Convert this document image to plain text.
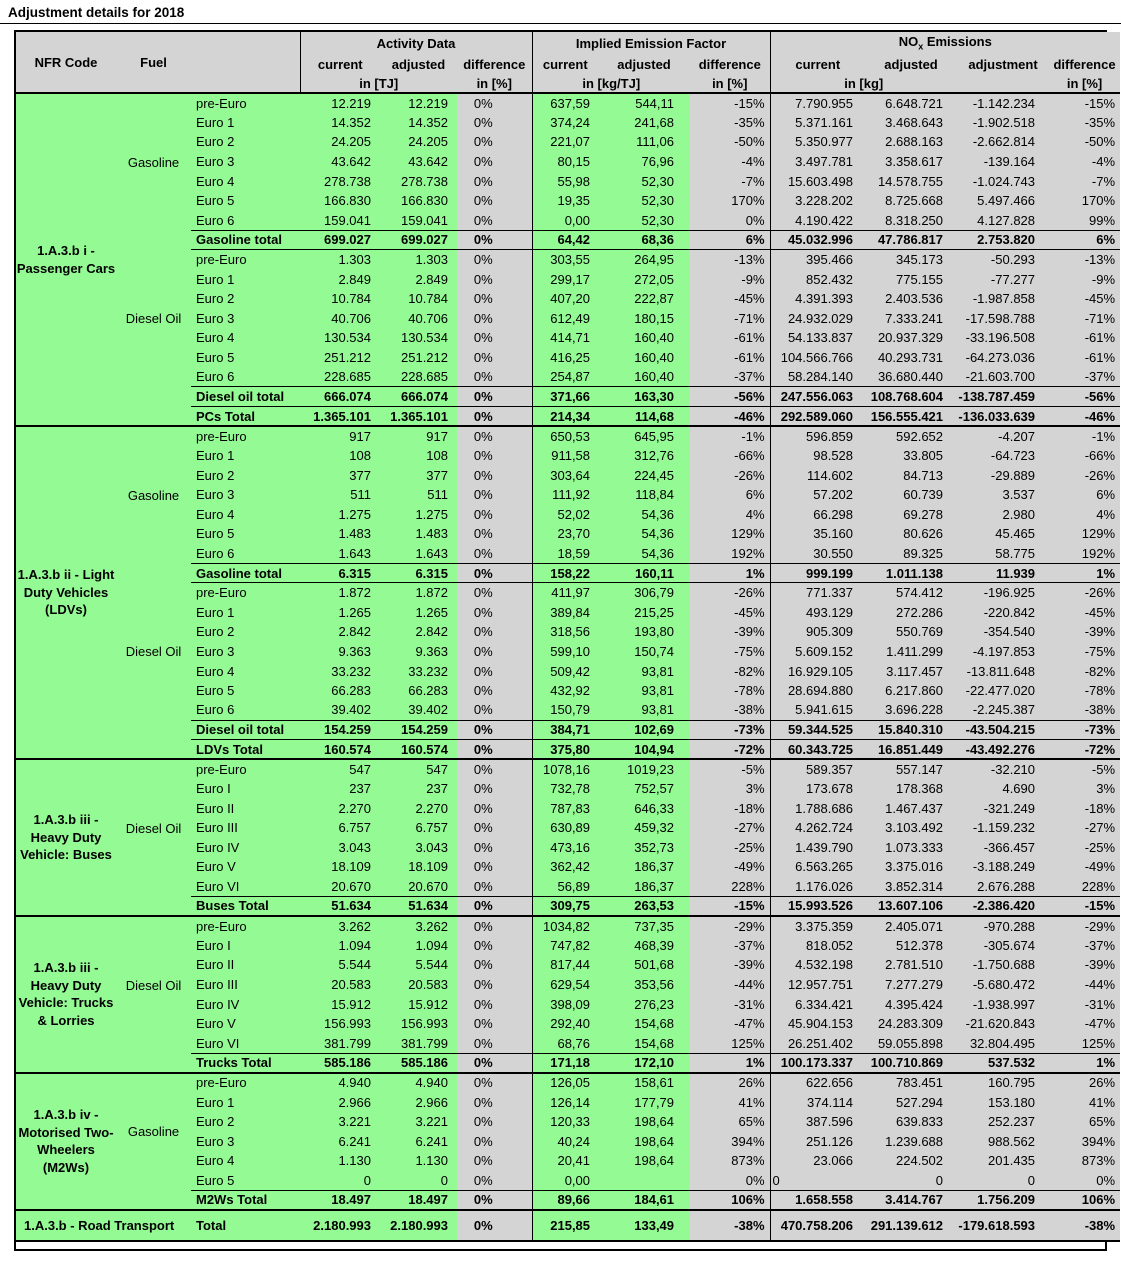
Adjustment details for 2018
NFR Code	Fuel		Activity Data			Implied Emission Factor			$NO_x$ Emissions			
			current	adjusted	difference	current	adjusted	difference	current	adjusted	adjustment	difference
			in [TJ]		in [%]	in [kg/TJ]		in [%]	in [kg]			in [%]
1.A.3.b i - Passenger Cars	Gasoline	pre-Euro	12.219	12.219	0%	637,59	544,11	-15%	7.790.955	6.648.721	-1.142.234	-15%
		Euro 1	14.352	14.352	0%	374,24	241,68	-35%	5.371.161	3.468.643	-1.902.518	-35%
		Euro 2	24.205	24.205	0%	221,07	111,06	-50%	5.350.977	2.688.163	-2.662.814	-50%
		Euro 3	43.642	43.642	0%	80,15	76,96	-4%	3.497.781	3.358.617	-139.164	-4%
		Euro 4	278.738	278.738	0%	55,98	52,30	-7%	15.603.498	14.578.755	-1.024.743	-7%
		Euro 5	166.830	166.830	0%	19,35	52,30	170%	3.228.202	8.725.668	5.497.466	170%
		Euro 6	159.041	159.041	0%	0,00	52,30	0%	4.190.422	8.318.250	4.127.828	99%
		Gasoline total	699.027	699.027	0%	64,42	68,36	6%	45.032.996	47.786.817	2.753.820	6%
	Diesel Oil	pre-Euro	1.303	1.303	0%	303,55	264,95	-13%	395.466	345.173	-50.293	-13%
		Euro 1	2.849	2.849	0%	299,17	272,05	-9%	852.432	775.155	-77.277	-9%
		Euro 2	10.784	10.784	0%	407,20	222,87	-45%	4.391.393	2.403.536	-1.987.858	-45%
		Euro 3	40.706	40.706	0%	612,49	180,15	-71%	24.932.029	7.333.241	-17.598.788	-71%
		Euro 4	130.534	130.534	0%	414,71	160,40	-61%	54.133.837	20.937.329	-33.196.508	-61%
		Euro 5	251.212	251.212	0%	416,25	160,40	-61%	104.566.766	40.293.731	-64.273.036	-61%
		Euro 6	228.685	228.685	0%	254,87	160,40	-37%	58.284.140	36.680.440	-21.603.700	-37%
		Diesel oil total	666.074	666.074	0%	371,66	163,30	-56%	247.556.063	108.768.604	-138.787.459	-56%
		PCs Total	1.365.101	1.365.101	0%	214,34	114,68	-46%	292.589.060	156.555.421	-136.033.639	-46%
1.A.3.b ii - Light Duty Vehicles (LDVs)	Gasoline	pre-Euro	917	917	0%	650,53	645,95	-1%	596.859	592.652	-4.207	-1%
		Euro 1	108	108	0%	911,58	312,76	-66%	98.528	33.805	-64.723	-66%
		Euro 2	377	377	0%	303,64	224,45	-26%	114.602	84.713	-29.889	-26%
		Euro 3	511	511	0%	111,92	118,84	6%	57.202	60.739	3.537	6%
		Euro 4	1.275	1.275	0%	52,02	54,36	4%	66.298	69.278	2.980	4%
		Euro 5	1.483	1.483	0%	23,70	54,36	129%	35.160	80.626	45.465	129%
		Euro 6	1.643	1.643	0%	18,59	54,36	192%	30.550	89.325	58.775	192%
		Gasoline total	6.315	6.315	0%	158,22	160,11	1%	999.199	1.011.138	11.939	1%
	Diesel Oil	pre-Euro	1.872	1.872	0%	411,97	306,79	-26%	771.337	574.412	-196.925	-26%
		Euro 1	1.265	1.265	0%	389,84	215,25	-45%	493.129	272.286	-220.842	-45%
		Euro 2	2.842	2.842	0%	318,56	193,80	-39%	905.309	550.769	-354.540	-39%
		Euro 3	9.363	9.363	0%	599,10	150,74	-75%	5.609.152	1.411.299	-4.197.853	-75%
		Euro 4	33.232	33.232	0%	509,42	93,81	-82%	16.929.105	3.117.457	-13.811.648	-82%
		Euro 5	66.283	66.283	0%	432,92	93,81	-78%	28.694.880	6.217.860	-22.477.020	-78%
		Euro 6	39.402	39.402	0%	150,79	93,81	-38%	5.941.615	3.696.228	-2.245.387	-38%
		Diesel oil total	154.259	154.259	0%	384,71	102,69	-73%	59.344.525	15.840.310	-43.504.215	-73%
		LDVs Total	160.574	160.574	0%	375,80	104,94	-72%	60.343.725	16.851.449	-43.492.276	-72%
1.A.3.b iii - Heavy Duty Vehicle: Buses	Diesel Oil	pre-Euro	547	547	0%	1078,16	1019,23	-5%	589.357	557.147	-32.210	-5%
		Euro I	237	237	0%	732,78	752,57	3%	173.678	178.368	4.690	3%
		Euro II	2.270	2.270	0%	787,83	646,33	-18%	1.788.686	1.467.437	-321.249	-18%
		Euro III	6.757	6.757	0%	630,89	459,32	-27%	4.262.724	3.103.492	-1.159.232	-27%
		Euro IV	3.043	3.043	0%	473,16	352,73	-25%	1.439.790	1.073.333	-366.457	-25%
		Euro V	18.109	18.109	0%	362,42	186,37	-49%	6.563.265	3.375.016	-3.188.249	-49%
		Euro VI	20.670	20.670	0%	56,89	186,37	228%	1.176.026	3.852.314	2.676.288	228%
		Buses Total	51.634	51.634	0%	309,75	263,53	-15%	15.993.526	13.607.106	-2.386.420	-15%
1.A.3.b iii - Heavy Duty Vehicle: Trucks & Lorries	Diesel Oil	pre-Euro	3.262	3.262	0%	1034,82	737,35	-29%	3.375.359	2.405.071	-970.288	-29%
		Euro I	1.094	1.094	0%	747,82	468,39	-37%	818.052	512.378	-305.674	-37%
		Euro II	5.544	5.544	0%	817,44	501,68	-39%	4.532.198	2.781.510	-1.750.688	-39%
		Euro III	20.583	20.583	0%	629,54	353,56	-44%	12.957.751	7.277.279	-5.680.472	-44%
		Euro IV	15.912	15.912	0%	398,09	276,23	-31%	6.334.421	4.395.424	-1.938.997	-31%
		Euro V	156.993	156.993	0%	292,40	154,68	-47%	45.904.153	24.283.309	-21.620.843	-47%
		Euro VI	381.799	381.799	0%	68,76	154,68	125%	26.251.402	59.055.898	32.804.495	125%
		Trucks Total	585.186	585.186	0%	171,18	172,10	1%	100.173.337	100.710.869	537.532	1%
1.A.3.b iv - Motorised Two-Wheelers (M2Ws)	Gasoline	pre-Euro	4.940	4.940	0%	126,05	158,61	26%	622.656	783.451	160.795	26%
		Euro 1	2.966	2.966	0%	126,14	177,79	41%	374.114	527.294	153.180	41%
		Euro 2	3.221	3.221	0%	120,33	198,64	65%	387.596	639.833	252.237	65%
		Euro 3	6.241	6.241	0%	40,24	198,64	394%	251.126	1.239.688	988.562	394%
		Euro 4	1.130	1.130	0%	20,41	198,64	873%	23.066	224.502	201.435	873%
		Euro 5	0	0	0%	0,00		0%	0	0	0	0%
		M2Ws Total	18.497	18.497	0%	89,66	184,61	106%	1.658.558	3.414.767	1.756.209	106%
1.A.3.b - Road Transport		Total	2.180.993	2.180.993	0%	215,85	133,49	-38%	470.758.206	291.139.612	-179.618.593	-38%
